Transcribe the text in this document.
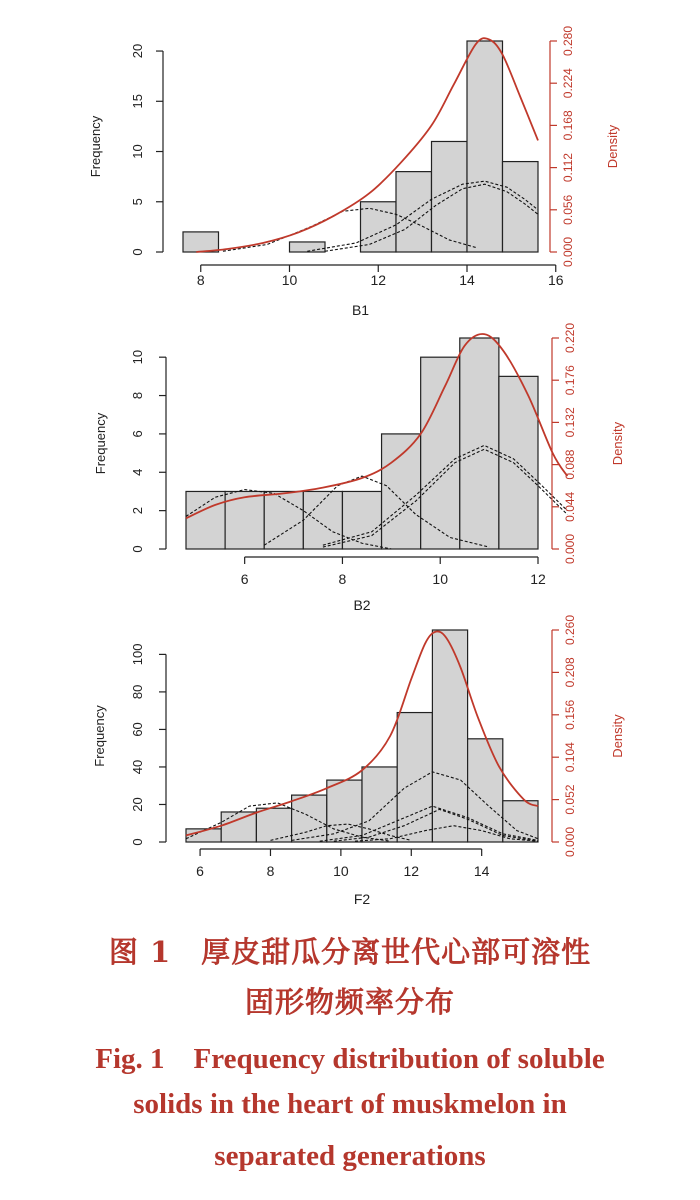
8	10	12	14	16
B1
0
5
10
15
20
Frequency
0.000
0.056
0.112
0.168
0.224
0.280
Density
6	8	10	12
B2
0
2
4
6
8
10
Frequency
0.000
0.044
0.088
0.132
0.176
0.220
Density
6	8	10	12	14
F2
0
20
40
60
80
100
Frequency
0.000
0.052
0.104
0.156
0.208
0.260
Density
图 1　厚皮甜瓜分离世代心部可溶性
固形物频率分布
Fig. 1　Frequency distribution of soluble
solids in the heart of muskmelon in
separated generations
